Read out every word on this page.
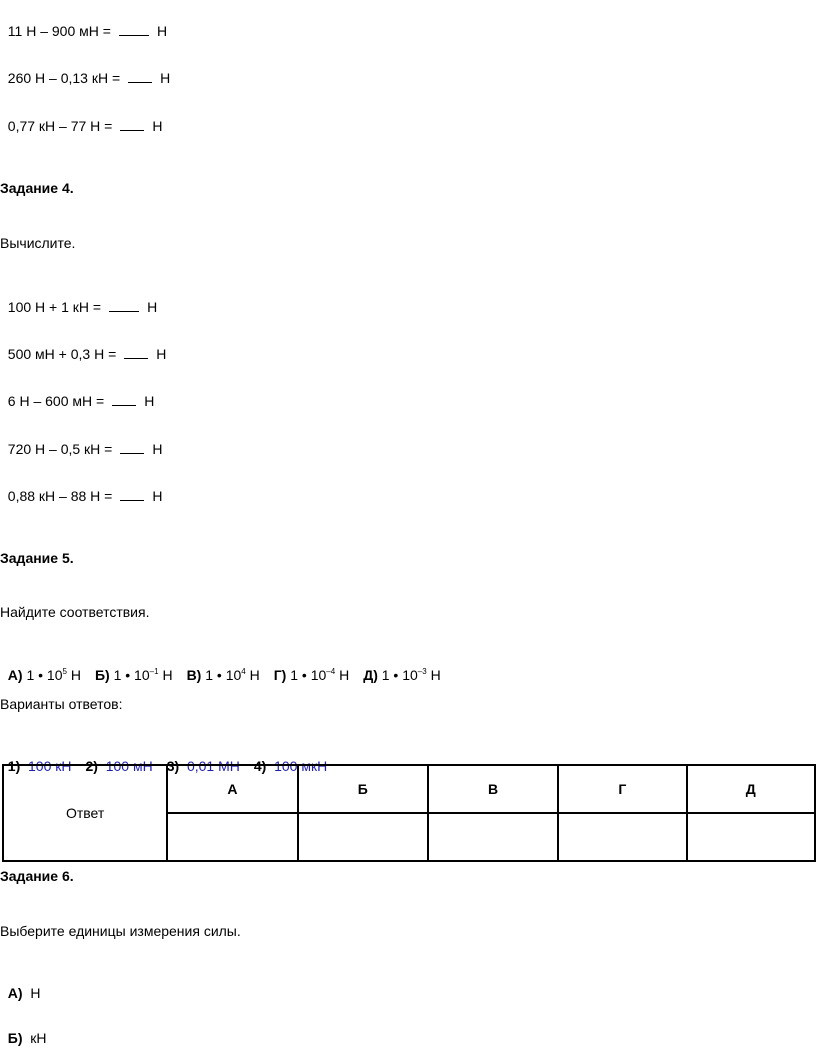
11 Н – 900 мН =	Н

260 Н – 0,13 кН =	Н

0,77 кН – 77 Н =	Н

Задание 4.
Вычислите.

100 Н + 1 кН =	Н

500 мН + 0,3 Н =	Н

6 Н – 600 мН =	Н

720 Н – 0,5 кН =	Н

0,88 кН – 88 Н =	Н

Задание 5.
Найдите соответствия.

А) 1 • $10^5$ Н Б) 1 • $10^{-1}$ Н В) 1 • $10^4$ Н Г) 1 • $10^{-4}$ Н Д) 1 • $10^{-3}$ Н

Варианты ответов:

1) 100 кН 2) 100 мН 3) 0,01 МН 4) 100 мкН

Ответ	А	Б	В	Г	Д

Задание 6.
Выберите единицы измерения силы.

А) Н

Б) кН
